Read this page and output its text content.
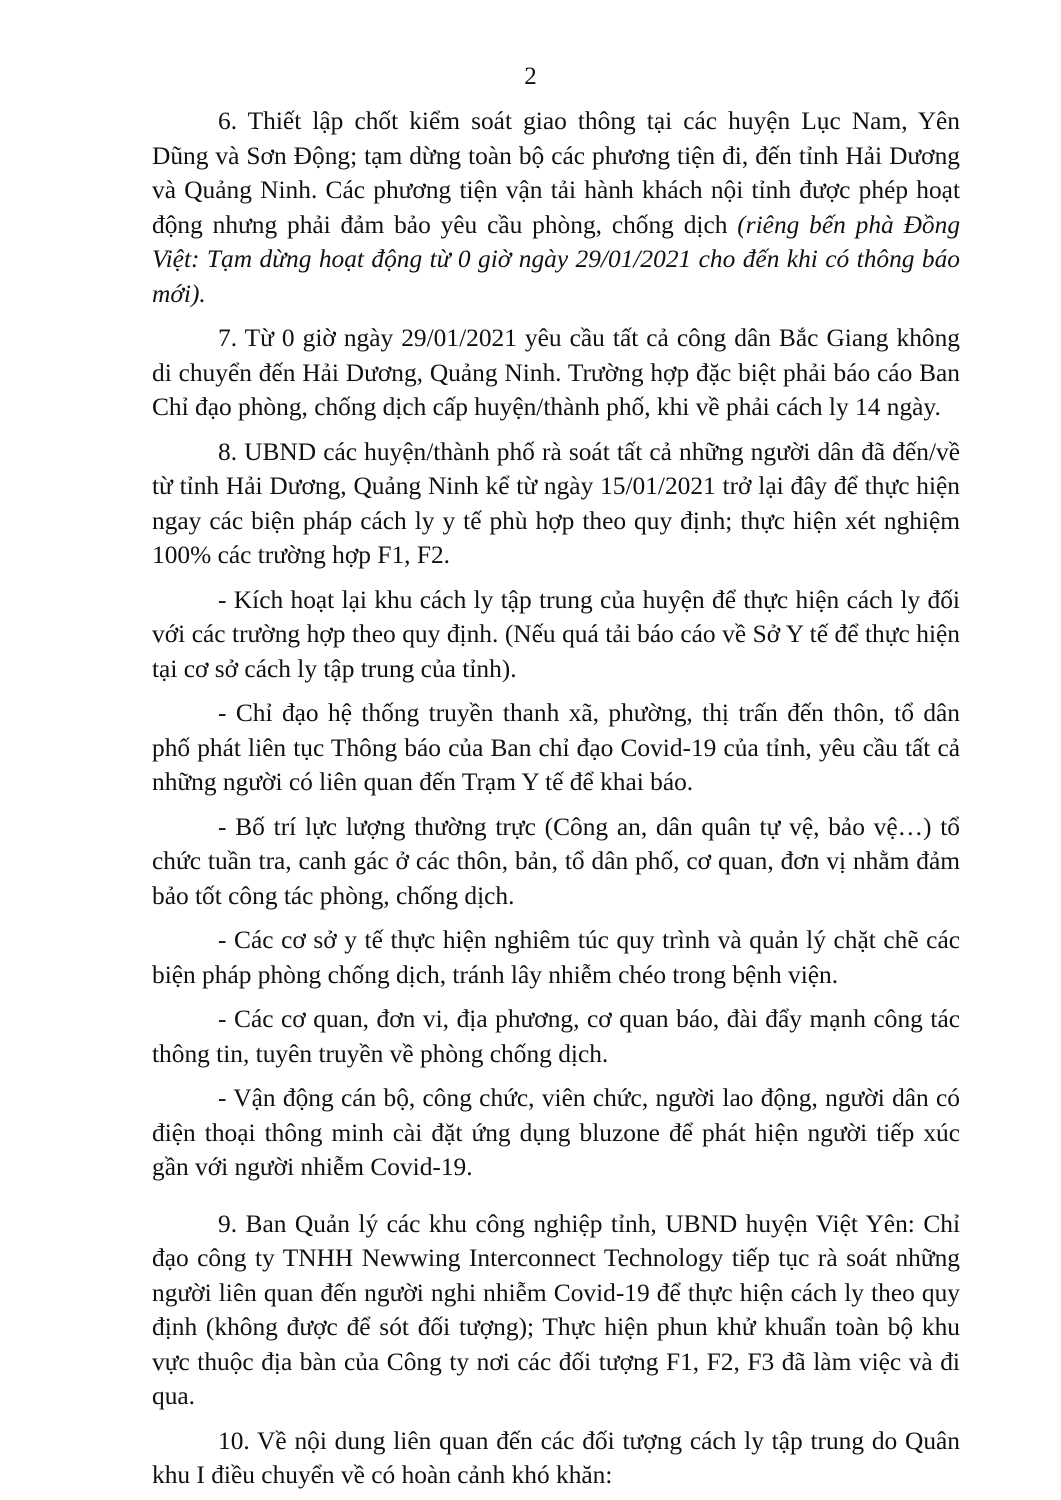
2

6. Thiết lập chốt kiểm soát giao thông tại các huyện Lục Nam, Yên Dũng và Sơn Động; tạm dừng toàn bộ các phương tiện đi, đến tỉnh Hải Dương và Quảng Ninh. Các phương tiện vận tải hành khách nội tỉnh được phép hoạt động nhưng phải đảm bảo yêu cầu phòng, chống dịch (riêng bến phà Đồng Việt: Tạm dừng hoạt động từ 0 giờ ngày 29/01/2021 cho đến khi có thông báo mới).

7. Từ 0 giờ ngày 29/01/2021 yêu cầu tất cả công dân Bắc Giang không di chuyển đến Hải Dương, Quảng Ninh. Trường hợp đặc biệt phải báo cáo Ban Chỉ đạo phòng, chống dịch cấp huyện/thành phố, khi về phải cách ly 14 ngày.

8. UBND các huyện/thành phố rà soát tất cả những người dân đã đến/về từ tỉnh Hải Dương, Quảng Ninh kể từ ngày 15/01/2021 trở lại đây để thực hiện ngay các biện pháp cách ly y tế phù hợp theo quy định; thực hiện xét nghiệm 100% các trường hợp F1, F2.

- Kích hoạt lại khu cách ly tập trung của huyện để thực hiện cách ly đối với các trường hợp theo quy định. (Nếu quá tải báo cáo về Sở Y tế để thực hiện tại cơ sở cách ly tập trung của tỉnh).

- Chỉ đạo hệ thống truyền thanh xã, phường, thị trấn đến thôn, tổ dân phố phát liên tục Thông báo của Ban chỉ đạo Covid-19 của tỉnh, yêu cầu tất cả những người có liên quan đến Trạm Y tế để khai báo.

- Bố trí lực lượng thường trực (Công an, dân quân tự vệ, bảo vệ…) tổ chức tuần tra, canh gác ở các thôn, bản, tổ dân phố, cơ quan, đơn vị nhằm đảm bảo tốt công tác phòng, chống dịch.

- Các cơ sở y tế thực hiện nghiêm túc quy trình và quản lý chặt chẽ các biện pháp phòng chống dịch, tránh lây nhiễm chéo trong bệnh viện.

- Các cơ quan, đơn vi, địa phương, cơ quan báo, đài đẩy mạnh công tác thông tin, tuyên truyền về phòng chống dịch.

- Vận động cán bộ, công chức, viên chức, người lao động, người dân có điện thoại thông minh cài đặt ứng dụng bluzone để phát hiện người tiếp xúc gần với người nhiễm Covid-19.

9. Ban Quản lý các khu công nghiệp tỉnh, UBND huyện Việt Yên: Chỉ đạo công ty TNHH Newwing Interconnect Technology tiếp tục rà soát những người liên quan đến người nghi nhiễm Covid-19 để thực hiện cách ly theo quy định (không được để sót đối tượng); Thực hiện phun khử khuẩn toàn bộ khu vực thuộc địa bàn của Công ty nơi các đối tượng F1, F2, F3 đã làm việc và đi qua.

10. Về nội dung liên quan đến các đối tượng cách ly tập trung do Quân khu I điều chuyển về có hoàn cảnh khó khăn:
